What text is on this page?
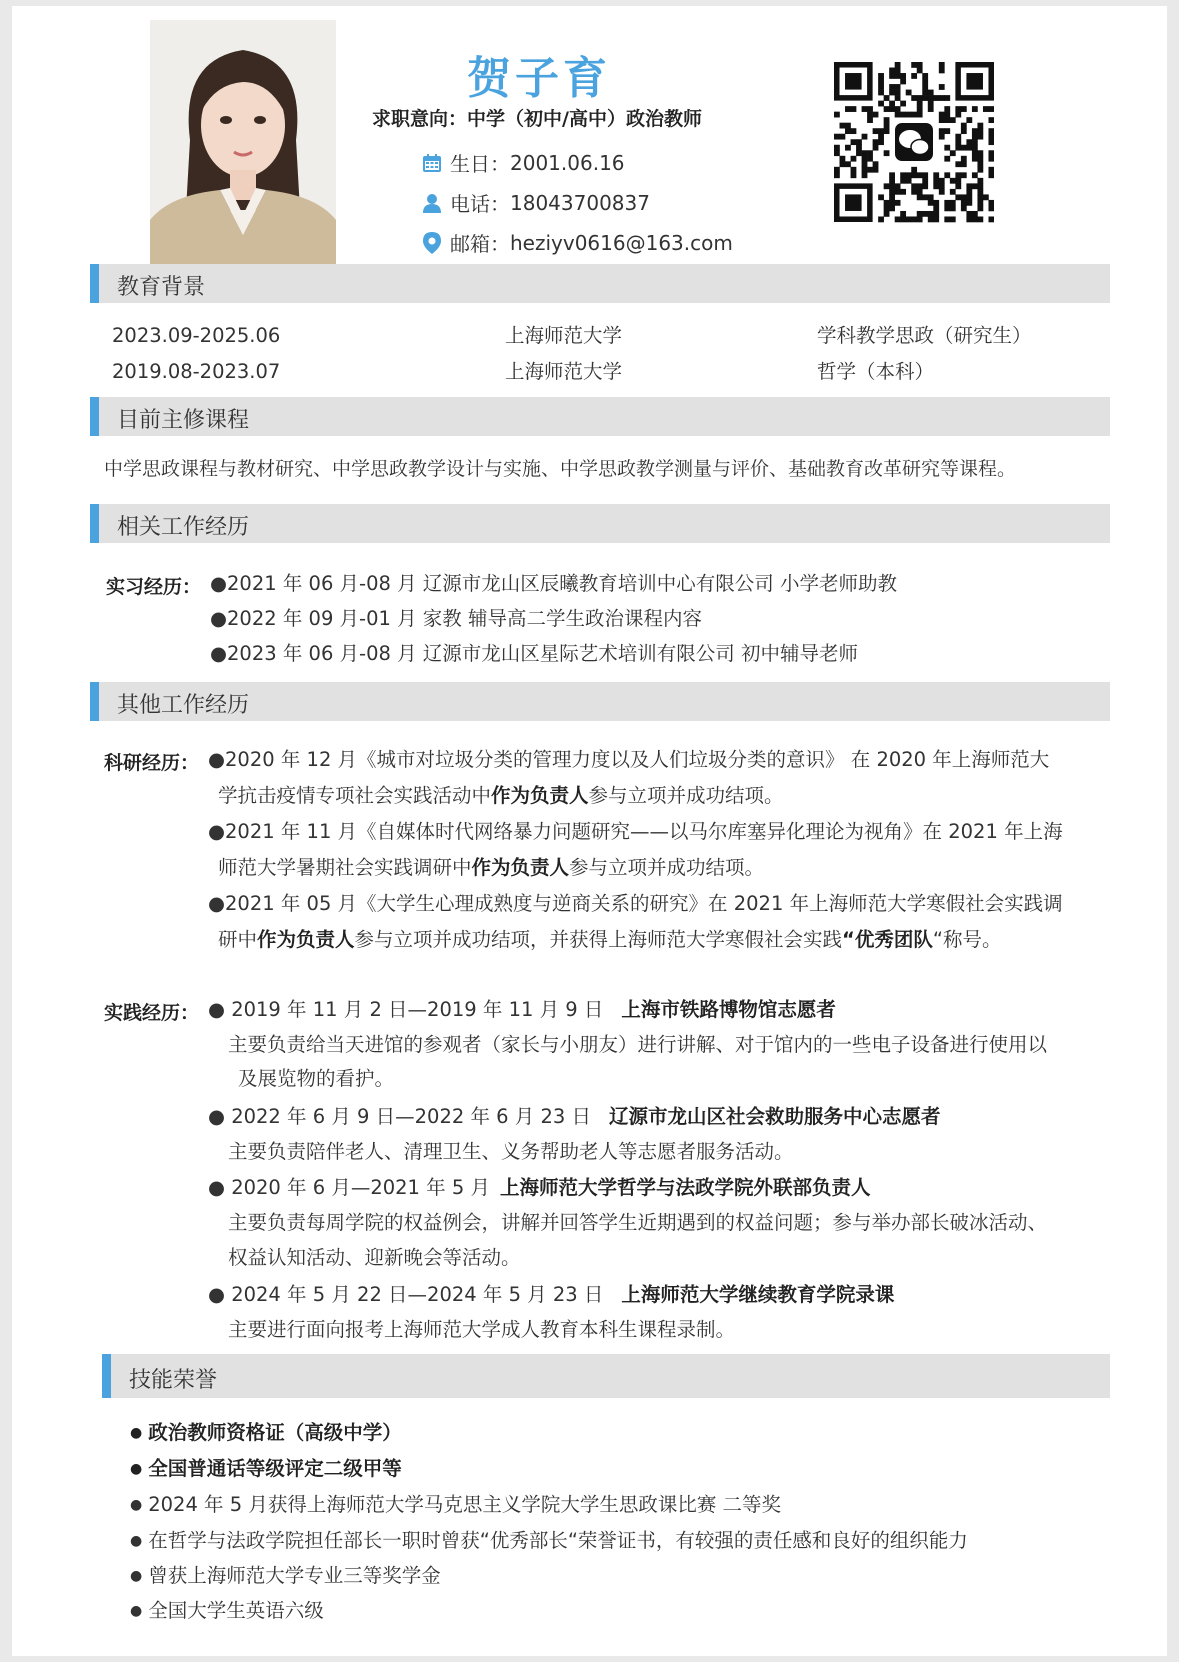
贺子育
求职意向：中学（初中/高中）政治教师
生日： 2001.06.16
电话： 18043700837
邮箱： heziyv0616@163.com
教育背景
2023.09-2025.06	上海师范大学	学科教学思政（研究生）
2019.08-2023.07	上海师范大学	哲学（本科）
目前主修课程
中学思政课程与教材研究、中学思政教学设计与实施、中学思政教学测量与评价、基础教育改革研究等课程。
相关工作经历
实习经历： ●2021 年 06 月-08 月 辽源市龙山区辰曦教育培训中心有限公司 小学老师助教
●2022 年 09 月-01 月 家教 辅导高二学生政治课程内容
●2023 年 06 月-08 月 辽源市龙山区星际艺术培训有限公司 初中辅导老师
其他工作经历
科研经历： ●2020 年 12 月《城市对垃圾分类的管理力度以及人们垃圾分类的意识》 在 2020 年上海师范大
学抗击疫情专项社会实践活动中作为负责人参与立项并成功结项。
●2021 年 11 月《自媒体时代网络暴力问题研究——以马尔库塞异化理论为视角》在 2021 年上海
师范大学暑期社会实践调研中作为负责人参与立项并成功结项。
●2021 年 05 月《大学生心理成熟度与逆商关系的研究》在 2021 年上海师范大学寒假社会实践调
研中作为负责人参与立项并成功结项，并获得上海师范大学寒假社会实践“优秀团队“称号。
实践经历： ● 2019 年 11 月 2 日—2019 年 11 月 9 日 上海市铁路博物馆志愿者
主要负责给当天进馆的参观者（家长与小朋友）进行讲解、对于馆内的一些电子设备进行使用以
及展览物的看护。
● 2022 年 6 月 9 日—2022 年 6 月 23 日 辽源市龙山区社会救助服务中心志愿者
主要负责陪伴老人、清理卫生、义务帮助老人等志愿者服务活动。
● 2020 年 6 月—2021 年 5 月 上海师范大学哲学与法政学院外联部负责人
主要负责每周学院的权益例会，讲解并回答学生近期遇到的权益问题；参与举办部长破冰活动、
权益认知活动、迎新晚会等活动。
● 2024 年 5 月 22 日—2024 年 5 月 23 日 上海师范大学继续教育学院录课
主要进行面向报考上海师范大学成人教育本科生课程录制。
技能荣誉
● 政治教师资格证（高级中学）
● 全国普通话等级评定二级甲等
● 2024 年 5 月获得上海师范大学马克思主义学院大学生思政课比赛 二等奖
● 在哲学与法政学院担任部长一职时曾获“优秀部长“荣誉证书，有较强的责任感和良好的组织能力
● 曾获上海师范大学专业三等奖学金
● 全国大学生英语六级
